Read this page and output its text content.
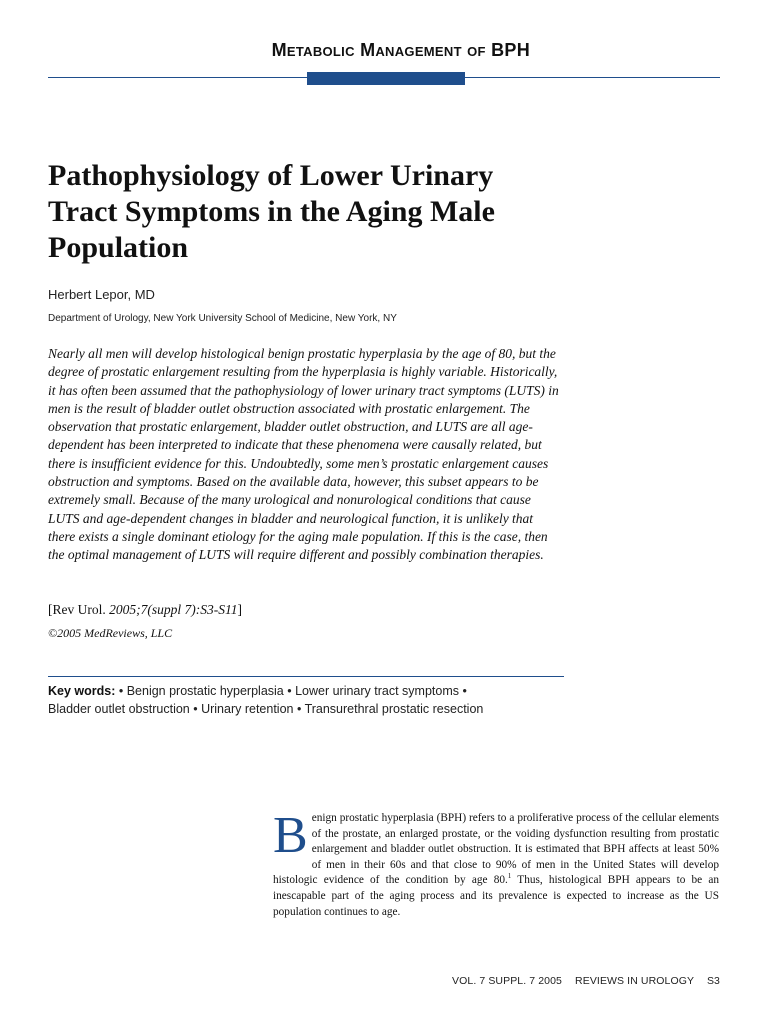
Metabolic Management of BPH
Pathophysiology of Lower Urinary Tract Symptoms in the Aging Male Population
Herbert Lepor, MD
Department of Urology, New York University School of Medicine, New York, NY
Nearly all men will develop histological benign prostatic hyperplasia by the age of 80, but the degree of prostatic enlargement resulting from the hyperplasia is highly variable. Historically, it has often been assumed that the pathophysiology of lower urinary tract symptoms (LUTS) in men is the result of bladder outlet obstruction associated with prostatic enlargement. The observation that prostatic enlargement, bladder outlet obstruction, and LUTS are all age-dependent has been interpreted to indicate that these phenomena were causally related, but there is insufficient evidence for this. Undoubtedly, some men’s prostatic enlargement causes obstruction and symptoms. Based on the available data, however, this subset appears to be extremely small. Because of the many urological and nonurological conditions that cause LUTS and age-dependent changes in bladder and neurological function, it is unlikely that there exists a single dominant etiology for the aging male population. If this is the case, then the optimal management of LUTS will require different and possibly combination therapies.
[Rev Urol. 2005;7(suppl 7):S3-S11]
©2005 MedReviews, LLC
Key words: • Benign prostatic hyperplasia • Lower urinary tract symptoms •
Bladder outlet obstruction • Urinary retention • Transurethral prostatic resection

Benign prostatic hyperplasia (BPH) refers to a proliferative process of the cellular elements of the prostate, an enlarged prostate, or the voiding dysfunction resulting from prostatic enlargement and bladder outlet obstruction. It is estimated that BPH affects at least 50% of men in their 60s and that close to 90% of men in the United States will develop histologic evidence of the condition by age 80.$^1$ Thus, histological BPH appears to be an inescapable part of the aging process and its prevalence is expected to increase as the US population continues to age.

VOL. 7 SUPPL. 7 2005 REVIEWS IN UROLOGY S3
